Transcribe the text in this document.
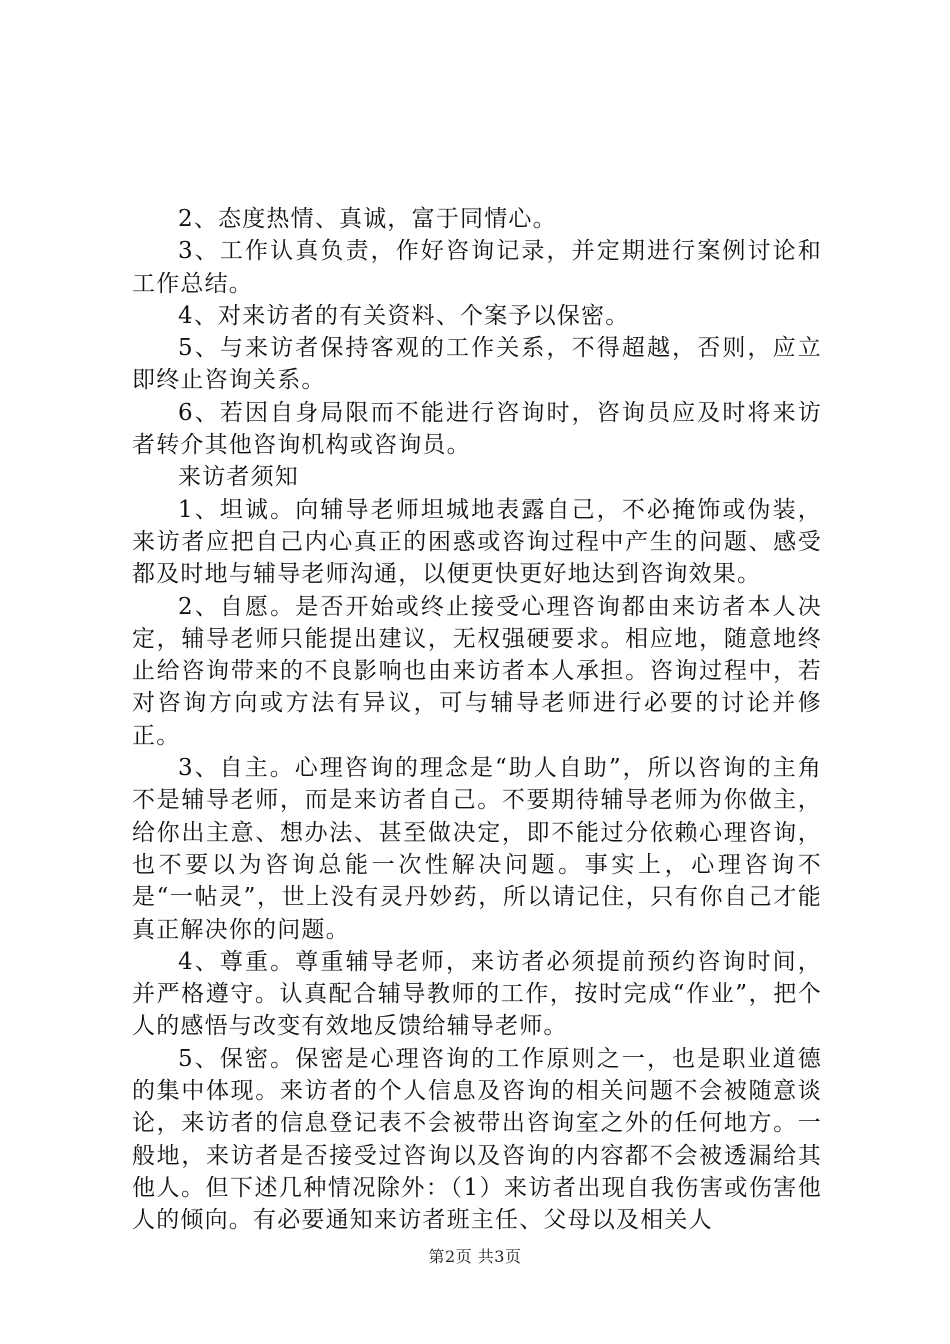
2、态度热情、真诚，富于同情心。

3、工作认真负责，作好咨询记录，并定期进行案例讨论和工作总结。

4、对来访者的有关资料、个案予以保密。

5、与来访者保持客观的工作关系，不得超越，否则，应立即终止咨询关系。

6、若因自身局限而不能进行咨询时，咨询员应及时将来访者转介其他咨询机构或咨询员。

来访者须知

1、坦诚。向辅导老师坦城地表露自己，不必掩饰或伪装，来访者应把自己内心真正的困惑或咨询过程中产生的问题、感受都及时地与辅导老师沟通，以便更快更好地达到咨询效果。

2、自愿。是否开始或终止接受心理咨询都由来访者本人决定，辅导老师只能提出建议，无权强硬要求。相应地，随意地终止给咨询带来的不良影响也由来访者本人承担。咨询过程中，若对咨询方向或方法有异议，可与辅导老师进行必要的讨论并修正。

3、自主。心理咨询的理念是“助人自助”，所以咨询的主角不是辅导老师，而是来访者自己。不要期待辅导老师为你做主，给你出主意、想办法、甚至做决定，即不能过分依赖心理咨询，也不要以为咨询总能一次性解决问题。事实上，心理咨询不是“一帖灵”，世上没有灵丹妙药，所以请记住，只有你自己才能真正解决你的问题。

4、尊重。尊重辅导老师，来访者必须提前预约咨询时间，并严格遵守。认真配合辅导教师的工作，按时完成“作业”，把个人的感悟与改变有效地反馈给辅导老师。

5、保密。保密是心理咨询的工作原则之一，也是职业道德的集中体现。来访者的个人信息及咨询的相关问题不会被随意谈论，来访者的信息登记表不会被带出咨询室之外的任何地方。一般地，来访者是否接受过咨询以及咨询的内容都不会被透漏给其他人。但下述几种情况除外：（1）来访者出现自我伤害或伤害他人的倾向。有必要通知来访者班主任、父母以及相关人

第2页 共3页
